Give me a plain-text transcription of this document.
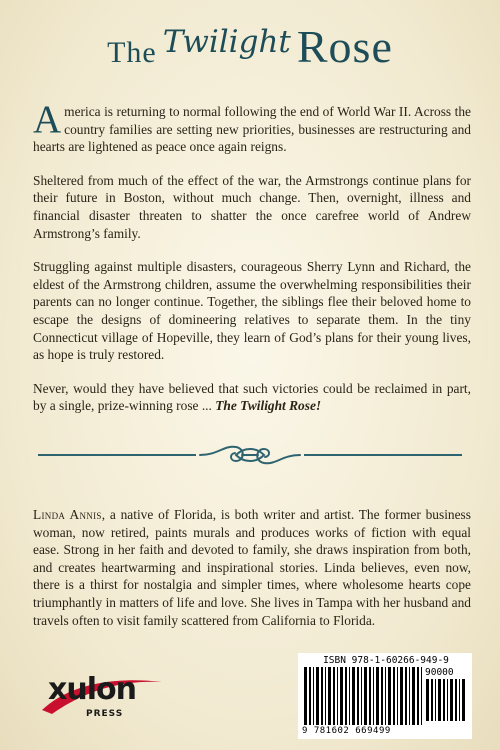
The Twilight Rose

America is returning to normal following the end of World War II. Across the country families are setting new priorities, businesses are restructuring and hearts are lightened as peace once again reigns.

Sheltered from much of the effect of the war, the Armstrongs continue plans for their future in Boston, without much change. Then, overnight, illness and financial disaster threaten to shatter the once carefree world of Andrew Armstrong’s family.

Struggling against multiple disasters, courageous Sherry Lynn and Richard, the eldest of the Armstrong children, assume the overwhelming responsibilities their parents can no longer continue. Together, the siblings flee their beloved home to escape the designs of domineering relatives to separate them. In the tiny Connecticut village of Hopeville, they learn of God’s plans for their young lives, as hope is truly restored.

Never, would they have believed that such victories could be reclaimed in part, by a single, prize-winning rose ... The Twilight Rose!

Linda Annis, a native of Florida, is both writer and artist. The former business woman, now retired, paints murals and produces works of fiction with equal ease. Strong in her faith and devoted to family, she draws inspiration from both, and creates heartwarming and inspirational stories. Linda believes, even now, there is a thirst for nostalgia and simpler times, where wholesome hearts cope triumphantly in matters of life and love. She lives in Tampa with her husband and travels often to visit family scattered from California to Florida.

xulon
PRESS
ISBN 978-1-60266-949-9
90000
9 781602 669499
